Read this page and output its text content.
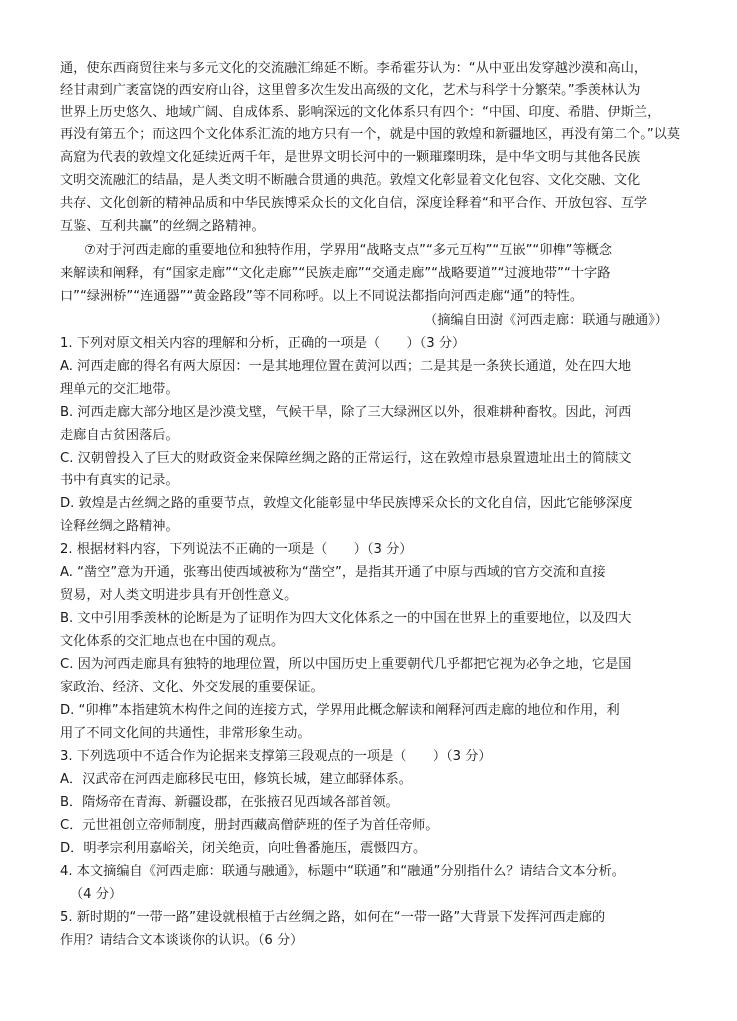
通，使东西商贸往来与多元文化的交流融汇绵延不断。李希霍芬认为：“从中亚出发穿越沙漠和高山，
经甘肃到广袤富饶的西安府山谷，这里曾多次生发出高级的文化，艺术与科学十分繁荣。”季羡林认为
世界上历史悠久、地域广阔、自成体系、影响深远的文化体系只有四个：“中国、印度、希腊、伊斯兰，
再没有第五个；而这四个文化体系汇流的地方只有一个，就是中国的敦煌和新疆地区，再没有第二个。”以莫
高窟为代表的敦煌文化延续近两千年，是世界文明长河中的一颗璀璨明珠，是中华文明与其他各民族
文明交流融汇的结晶，是人类文明不断融合贯通的典范。敦煌文化彰显着文化包容、文化交融、文化
共存、文化创新的精神品质和中华民族博采众长的文化自信，深度诠释着“和平合作、开放包容、互学
互鉴、互利共赢”的丝绸之路精神。
⑦对于河西走廊的重要地位和独特作用，学界用“战略支点”“多元互构”“互嵌”“卯榫”等概念
来解读和阐释，有“国家走廊”“文化走廊”“民族走廊”“交通走廊”“战略要道”“过渡地带”“十字路
口”“绿洲桥”“连通器”“黄金路段”等不同称呼。以上不同说法都指向河西走廊“通”的特性。
（摘编自田澍《河西走廊：联通与融通》）
1. 下列对原文相关内容的理解和分析，正确的一项是（　　）（3 分）
A. 河西走廊的得名有两大原因：一是其地理位置在黄河以西；二是其是一条狭长通道，处在四大地
理单元的交汇地带。
B. 河西走廊大部分地区是沙漠戈壁，气候干旱，除了三大绿洲区以外，很难耕种畜牧。因此，河西
走廊自古贫困落后。
C. 汉朝曾投入了巨大的财政资金来保障丝绸之路的正常运行，这在敦煌市悬泉置遗址出土的简牍文
书中有真实的记录。
D. 敦煌是古丝绸之路的重要节点，敦煌文化能彰显中华民族博采众长的文化自信，因此它能够深度
诠释丝绸之路精神。
2. 根据材料内容，下列说法不正确的一项是（　　）（3 分）
A. “凿空”意为开通，张骞出使西域被称为“凿空”，是指其开通了中原与西域的官方交流和直接
贸易，对人类文明进步具有开创性意义。
B. 文中引用季羡林的论断是为了证明作为四大文化体系之一的中国在世界上的重要地位，以及四大
文化体系的交汇地点也在中国的观点。
C. 因为河西走廊具有独特的地理位置，所以中国历史上重要朝代几乎都把它视为必争之地，它是国
家政治、经济、文化、外交发展的重要保证。
D. “卯榫”本指建筑木构件之间的连接方式，学界用此概念解读和阐释河西走廊的地位和作用，利
用了不同文化间的共通性，非常形象生动。
3. 下列选项中不适合作为论据来支撑第三段观点的一项是（　　）（3 分）
A．汉武帝在河西走廊移民屯田，修筑长城，建立邮驿体系。
B．隋炀帝在青海、新疆设郡，在张掖召见西域各部首领。
C．元世祖创立帝师制度，册封西藏高僧萨班的侄子为首任帝师。
D．明孝宗利用嘉峪关，闭关绝贡，向吐鲁番施压，震慑四方。
4. 本文摘编自《河西走廊：联通与融通》，标题中“联通”和“融通”分别指什么？请结合文本分析。
（4 分）
5. 新时期的“一带一路”建设就根植于古丝绸之路，如何在“一带一路”大背景下发挥河西走廊的
作用？请结合文本谈谈你的认识。（6 分）
